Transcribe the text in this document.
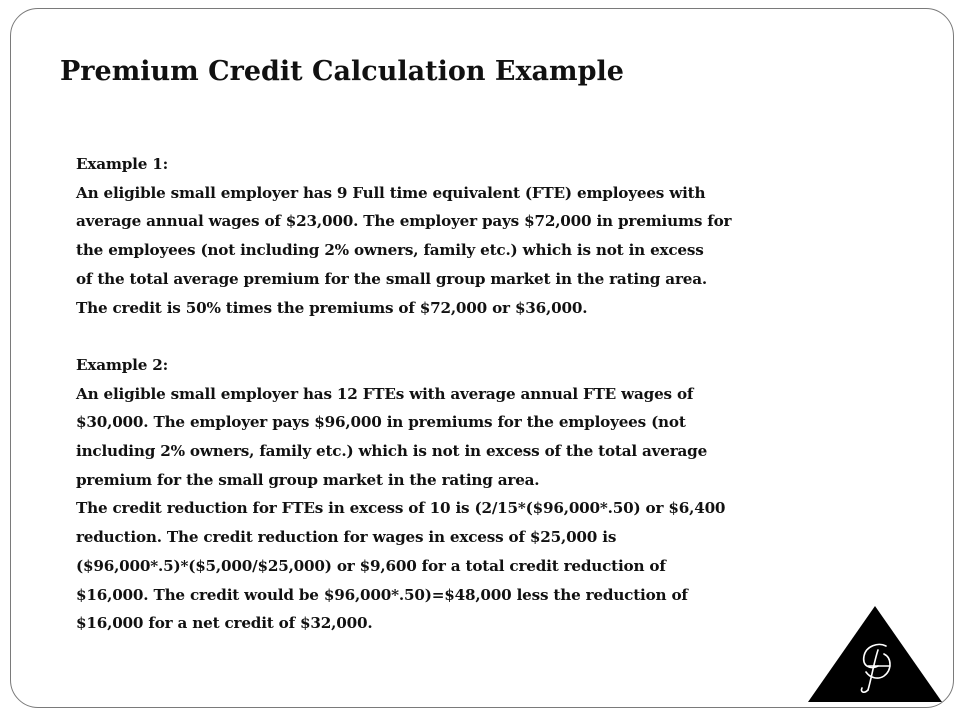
Premium Credit Calculation Example
Example 1:
An eligible small employer has 9 Full time equivalent (FTE) employees with
average annual wages of $23,000. The employer pays $72,000 in premiums for
the employees (not including 2% owners, family etc.) which is not in excess
of the total average premium for the small group market in the rating area.
The credit is 50% times the premiums of $72,000 or $36,000.
Example 2:
An eligible small employer has 12 FTEs with average annual FTE wages of
$30,000. The employer pays $96,000 in premiums for the employees (not
including 2% owners, family etc.) which is not in excess of the total average
premium for the small group market in the rating area.
The credit reduction for FTEs in excess of 10 is (2/15*($96,000*.50) or $6,400
reduction. The credit reduction for wages in excess of $25,000 is
($96,000*.5)*($5,000/$25,000) or $9,600 for a total credit reduction of
$16,000. The credit would be $96,000*.50)=$48,000 less the reduction of
$16,000 for a net credit of $32,000.
